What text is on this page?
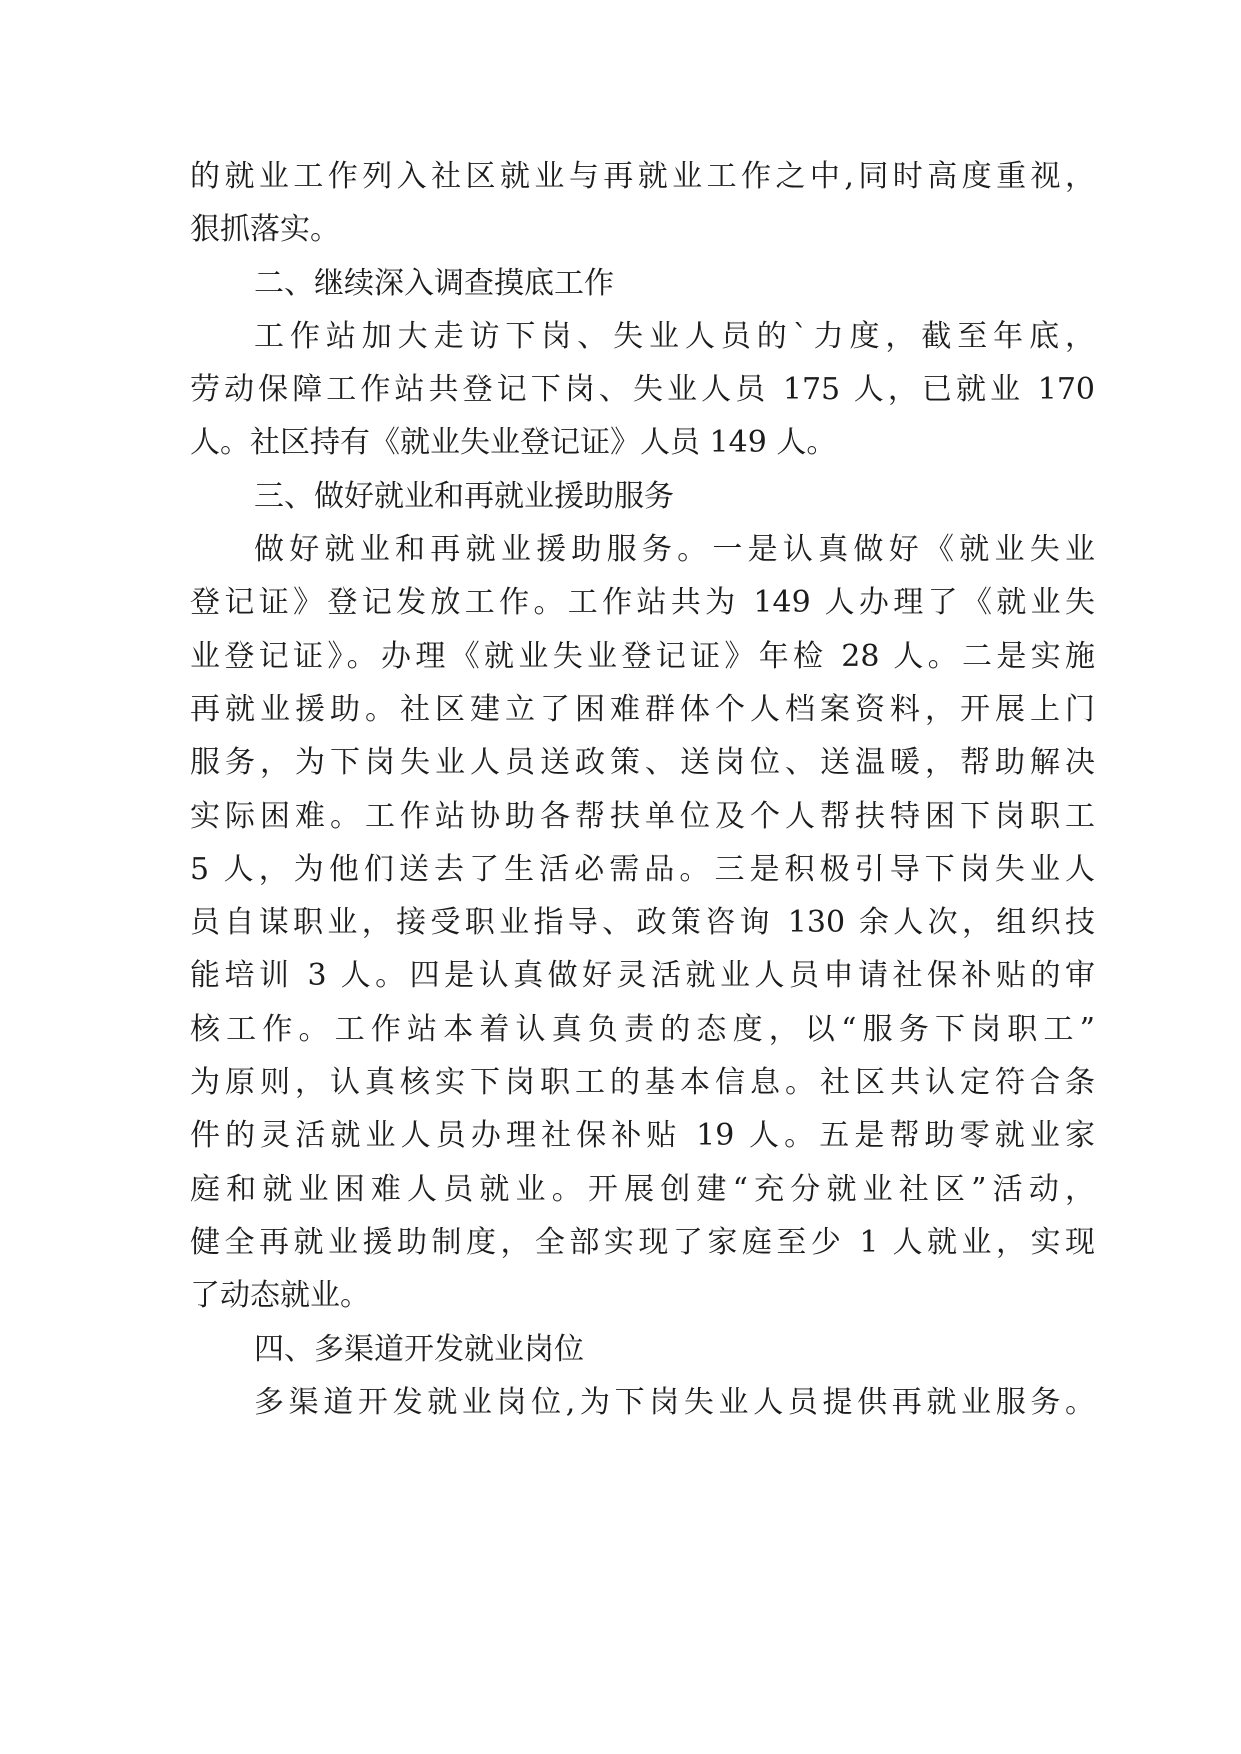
的就业工作列入社区就业与再就业工作之中,同时高度重视，
狠抓落实。
二、继续深入调查摸底工作
工作站加大走访下岗、失业人员的`力度，截至年底，
劳动保障工作站共登记下岗、失业人员 175 人，已就业 170
人。社区持有《就业失业登记证》人员 149 人。
三、做好就业和再就业援助服务
做好就业和再就业援助服务。一是认真做好《就业失业
登记证》登记发放工作。工作站共为 149 人办理了《就业失
业登记证》。办理《就业失业登记证》年检 28 人。二是实施
再就业援助。社区建立了困难群体个人档案资料，开展上门
服务，为下岗失业人员送政策、送岗位、送温暖，帮助解决
实际困难。工作站协助各帮扶单位及个人帮扶特困下岗职工
5 人，为他们送去了生活必需品。三是积极引导下岗失业人
员自谋职业，接受职业指导、政策咨询 130 余人次，组织技
能培训 3 人。四是认真做好灵活就业人员申请社保补贴的审
核工作。工作站本着认真负责的态度，以“服务下岗职工”
为原则，认真核实下岗职工的基本信息。社区共认定符合条
件的灵活就业人员办理社保补贴 19 人。五是帮助零就业家
庭和就业困难人员就业。开展创建“充分就业社区”活动，
健全再就业援助制度，全部实现了家庭至少 1 人就业，实现
了动态就业。
四、多渠道开发就业岗位
多渠道开发就业岗位,为下岗失业人员提供再就业服务。
